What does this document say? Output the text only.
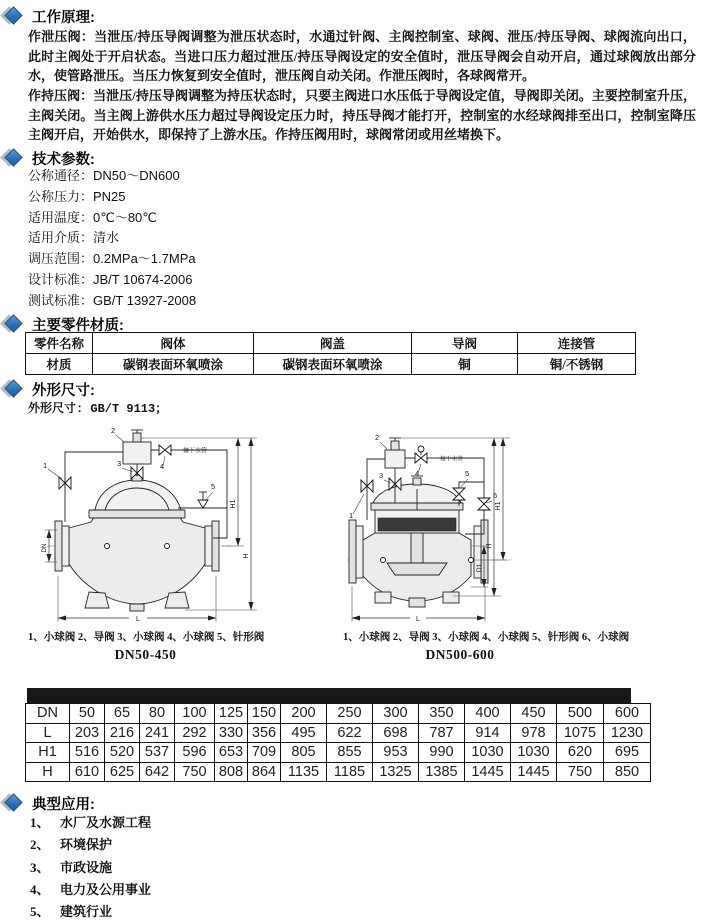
工作原理:
作泄压阀：当泄压/持压导阀调整为泄压状态时，水通过针阀、主阀控制室、球阀、泄压/持压导阀、球阀流向出口，此时主阀处于开启状态。当进口压力超过泄压/持压导阀设定的安全值时，泄压导阀会自动开启，通过球阀放出部分水，使管路泄压。当压力恢复到安全值时，泄压阀自动关闭。作泄压阀时，各球阀常开。
作持压阀：当泄压/持压导阀调整为持压状态时，只要主阀进口水压低于导阀设定值，导阀即关闭。主要控制室升压，主阀关闭。当主阀上游供水压力超过导阀设定压力时，持压导阀才能打开，控制室的水经球阀排至出口，控制室降压主阀开启，开始供水，即保持了上游水压。作持压阀用时，球阀常闭或用丝堵换下。
技术参数:
公称通径：DN50～DN600
公称压力：PN25
适用温度：0℃～80℃
适用介质：清水
调压范围：0.2MPa～1.7MPa
设计标准：JB/T 10674-2006
测试标准：GB/T 13927-2008
主要零件材质:
零件名称	阀体	阀盖	导阀	连接管
材质	碳钢表面环氧喷涂	碳钢表面环氧喷涂	铜	铜/不锈钢
外形尺寸:
外形尺寸: GB/T 9113；
接下水管
1
2
3	4
5
H1
H
DN
L
接下水管
1
2
3	4	5
6
H1
H
D1
L
1、小球阀 2、导阀 3、小球阀 4、小球阀 5、针形阀	1、小球阀 2、导阀 3、小球阀 4、小球阀 5、针形阀 6、小球阀
DN50-450	DN500-600
DN	50	65	80	100	125	150	200	250	300	350	400	450	500	600
L	203	216	241	292	330	356	495	622	698	787	914	978	1075	1230
H1	516	520	537	596	653	709	805	855	953	990	1030	1030	620	695
H	610	625	642	750	808	864	1135	1185	1325	1385	1445	1445	750	850
典型应用:
1、 水厂及水源工程
2、 环境保护
3、 市政设施
4、 电力及公用事业
5、 建筑行业
